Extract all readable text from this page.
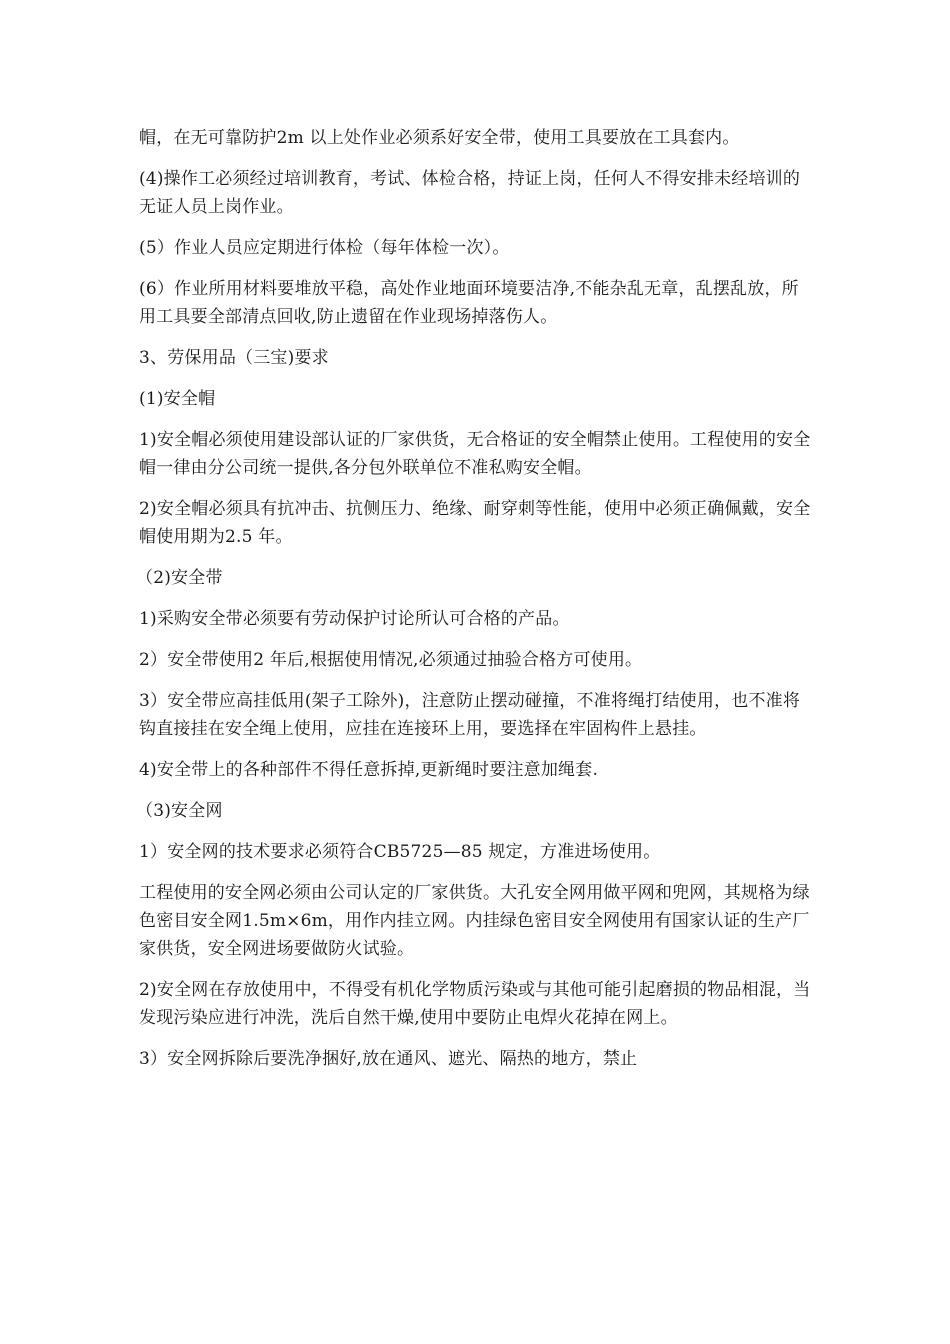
帽，在无可靠防护2m 以上处作业必须系好安全带，使用工具要放在工具套内。

(4)操作工必须经过培训教育，考试、体检合格，持证上岗，任何人不得安排未经培训的无证人员上岗作业。

(5）作业人员应定期进行体检（每年体检一次）。

(6）作业所用材料要堆放平稳，高处作业地面环境要洁净,不能杂乱无章，乱摆乱放，所用工具要全部清点回收,防止遗留在作业现场掉落伤人。

3、劳保用品（三宝)要求

(1)安全帽

1)安全帽必须使用建设部认证的厂家供货，无合格证的安全帽禁止使用。工程使用的安全帽一律由分公司统一提供,各分包外联单位不准私购安全帽。

2)安全帽必须具有抗冲击、抗侧压力、绝缘、耐穿刺等性能，使用中必须正确佩戴，安全帽使用期为2.5 年。

（2)安全带

1)采购安全带必须要有劳动保护讨论所认可合格的产品。

2）安全带使用2 年后,根据使用情况,必须通过抽验合格方可使用。

3）安全带应高挂低用(架子工除外)，注意防止摆动碰撞，不准将绳打结使用，也不准将钩直接挂在安全绳上使用，应挂在连接环上用，要选择在牢固构件上悬挂。

4)安全带上的各种部件不得任意拆掉,更新绳时要注意加绳套.

（3)安全网

1）安全网的技术要求必须符合CB5725—85 规定，方准进场使用。

工程使用的安全网必须由公司认定的厂家供货。大孔安全网用做平网和兜网，其规格为绿色密目安全网1.5m×6m，用作内挂立网。内挂绿色密目安全网使用有国家认证的生产厂家供货，安全网进场要做防火试验。

2)安全网在存放使用中，不得受有机化学物质污染或与其他可能引起磨损的物品相混，当发现污染应进行冲洗，洗后自然干燥,使用中要防止电焊火花掉在网上。

3）安全网拆除后要洗净捆好,放在通风、遮光、隔热的地方，禁止
